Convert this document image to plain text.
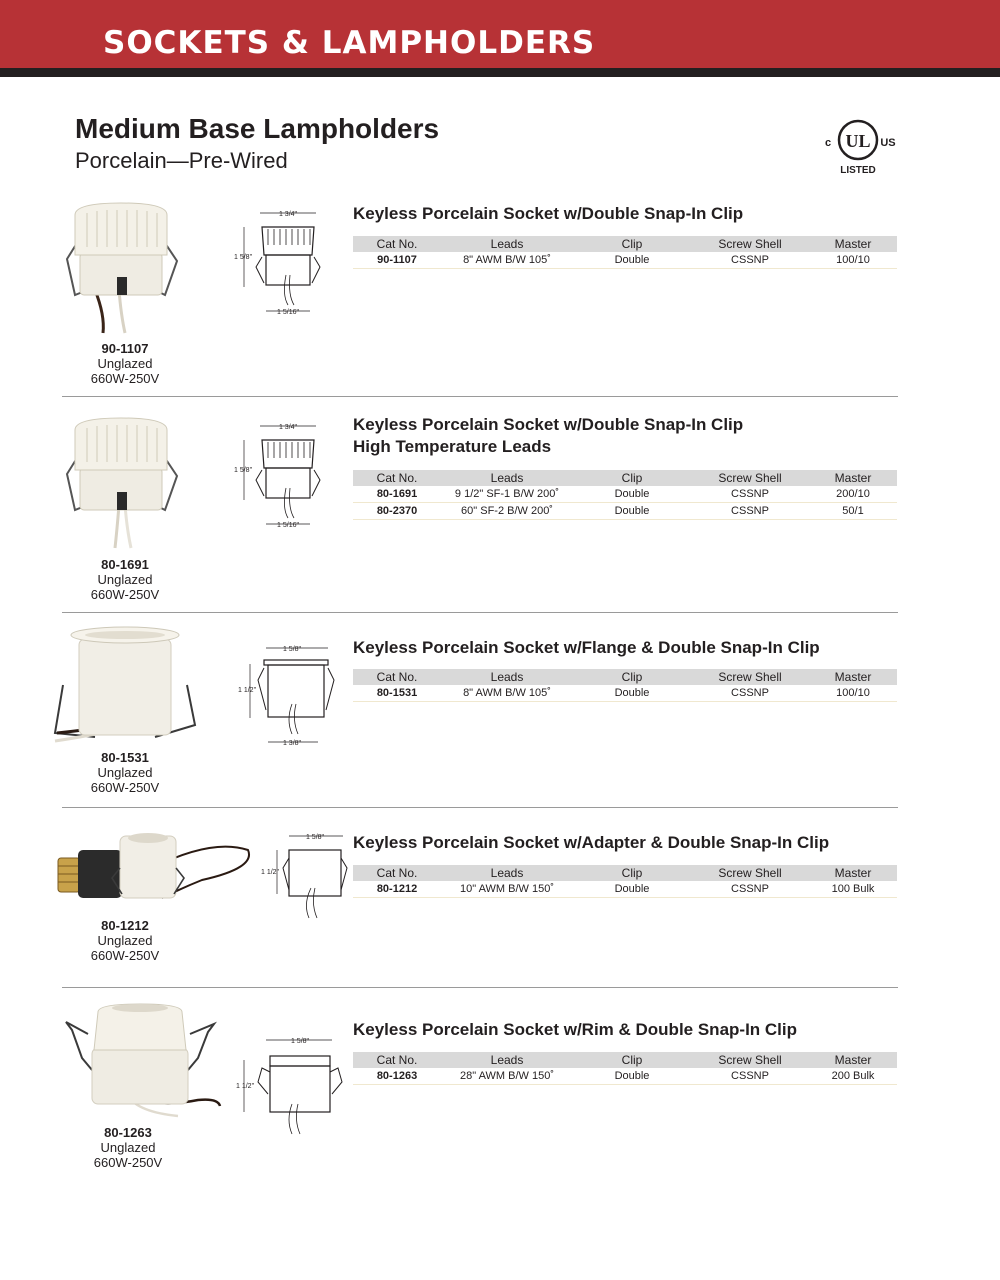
SOCKETS & LAMPHOLDERS
Medium Base Lampholders
Porcelain—Pre-Wired
UL
c	US
LISTED
90-1107
Unglazed
660W-250V
1 3/4"
1 5/8"
1 5/16"
Keyless Porcelain Socket w/Double Snap-In Clip
Cat No.	Leads	Clip	Screw Shell	Master
90-1107	8" AWM B/W 105˚	Double	CSSNP	100/10
80-1691
Unglazed
660W-250V
1 3/4"
1 5/8"
1 5/16"
Keyless Porcelain Socket w/Double Snap-In Clip
High Temperature Leads
Cat No.	Leads	Clip	Screw Shell	Master
80-1691	9 1/2" SF-1 B/W 200˚	Double	CSSNP	200/10
80-2370	60" SF-2 B/W 200˚	Double	CSSNP	50/1
80-1531
Unglazed
660W-250V
1 5/8"
1 1/2"
1 3/8"
Keyless Porcelain Socket w/Flange & Double Snap-In Clip
Cat No.	Leads	Clip	Screw Shell	Master
80-1531	8" AWM B/W 105˚	Double	CSSNP	100/10
80-1212
Unglazed
660W-250V
1 5/8"
1 1/2"
Keyless Porcelain Socket w/Adapter & Double Snap-In Clip
Cat No.	Leads	Clip	Screw Shell	Master
80-1212	10" AWM B/W 150˚	Double	CSSNP	100 Bulk
80-1263
Unglazed
660W-250V
1 5/8"
1 1/2"
Keyless Porcelain Socket w/Rim & Double Snap-In Clip
Cat No.	Leads	Clip	Screw Shell	Master
80-1263	28" AWM B/W 150˚	Double	CSSNP	200 Bulk
